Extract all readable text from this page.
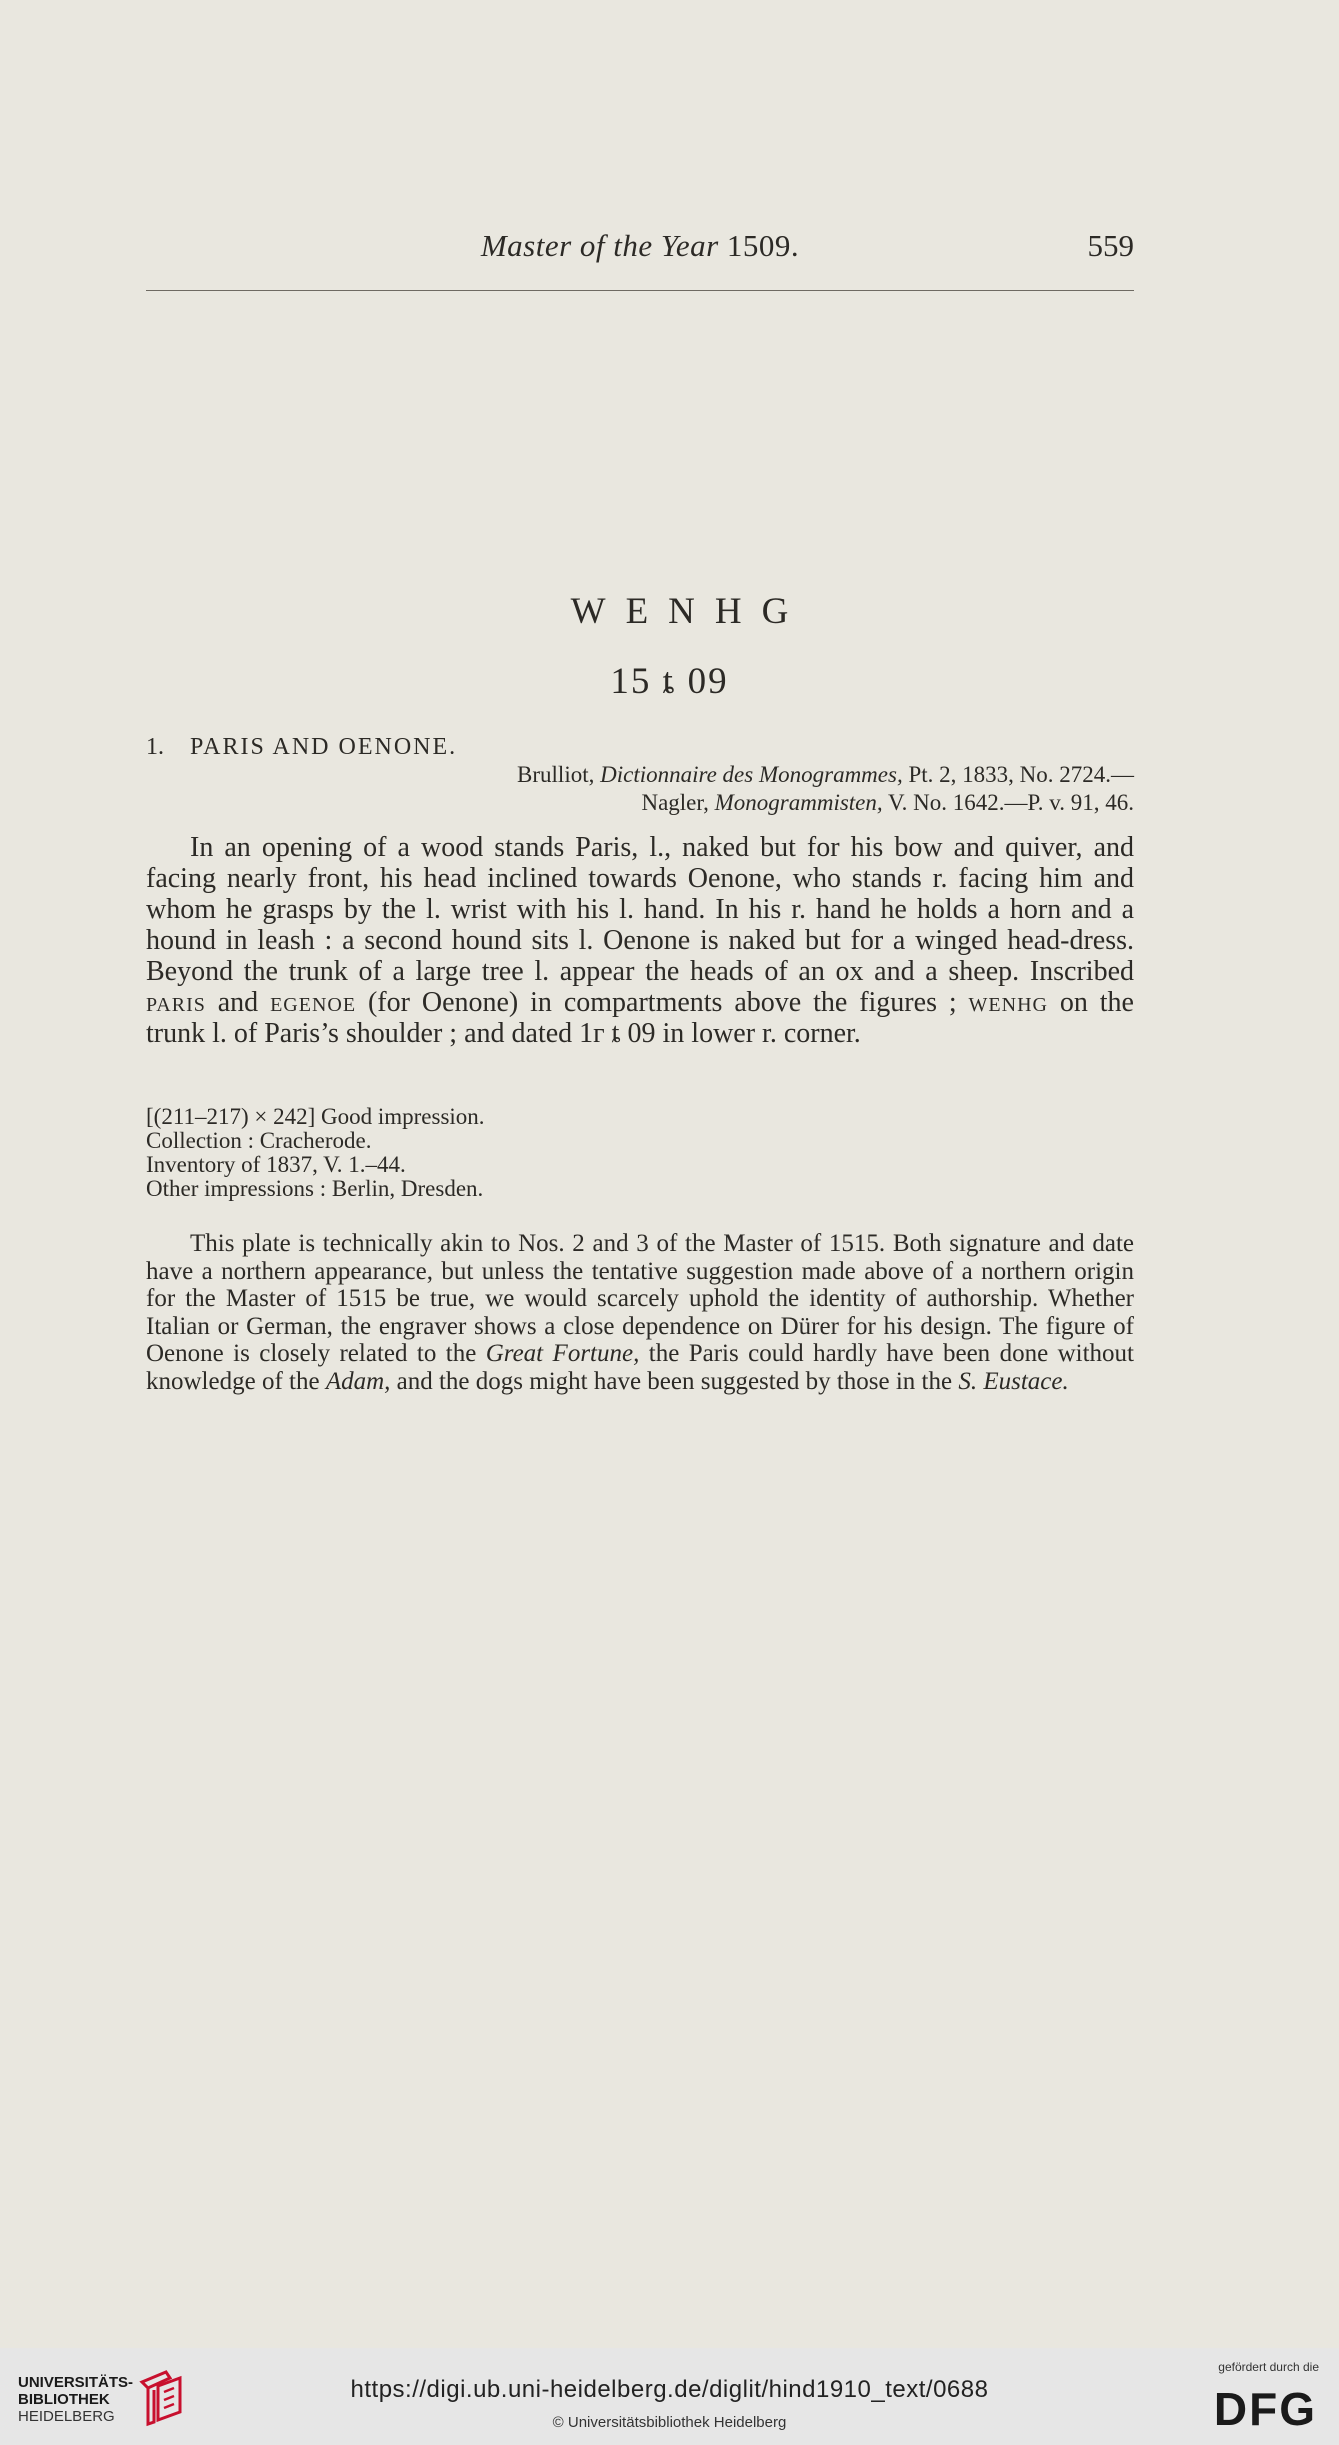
Master of the Year 1509.	559
WENHG
15 ȶ 09
1. PARIS AND OENONE.
Brulliot, Dictionnaire des Monogrammes, Pt. 2, 1833, No. 2724.—
Nagler, Monogrammisten, V. No. 1642.—P. v. 91, 46.

In an opening of a wood stands Paris, l., naked but for his bow and quiver, and facing nearly front, his head inclined towards Oenone, who stands r. facing him and whom he grasps by the l. wrist with his l. hand. In his r. hand he holds a horn and a hound in leash : a second hound sits l. Oenone is naked but for a winged head-dress. Beyond the trunk of a large tree l. appear the heads of an ox and a sheep. Inscribed paris and egenoe (for Oenone) in compartments above the figures ; wenhg on the trunk l. of Paris’s shoulder ; and dated 1ᴦ ȶ 09 in lower r. corner.

[(211–217) × 242] Good impression.
Collection : Cracherode.
Inventory of 1837, V. 1.–44.
Other impressions : Berlin, Dresden.

This plate is technically akin to Nos. 2 and 3 of the Master of 1515. Both signature and date have a northern appearance, but unless the tentative suggestion made above of a northern origin for the Master of 1515 be true, we would scarcely uphold the identity of authorship. Whether Italian or German, the engraver shows a close dependence on Dürer for his design. The figure of Oenone is closely related to the Great Fortune, the Paris could hardly have been done without knowledge of the Adam, and the dogs might have been suggested by those in the S. Eustace.

UNIVERSITÄTS-
BIBLIOTHEK
HEIDELBERG
https://digi.ub.uni-heidelberg.de/diglit/hind1910_text/0688
© Universitätsbibliothek Heidelberg
gefördert durch die
DFG
